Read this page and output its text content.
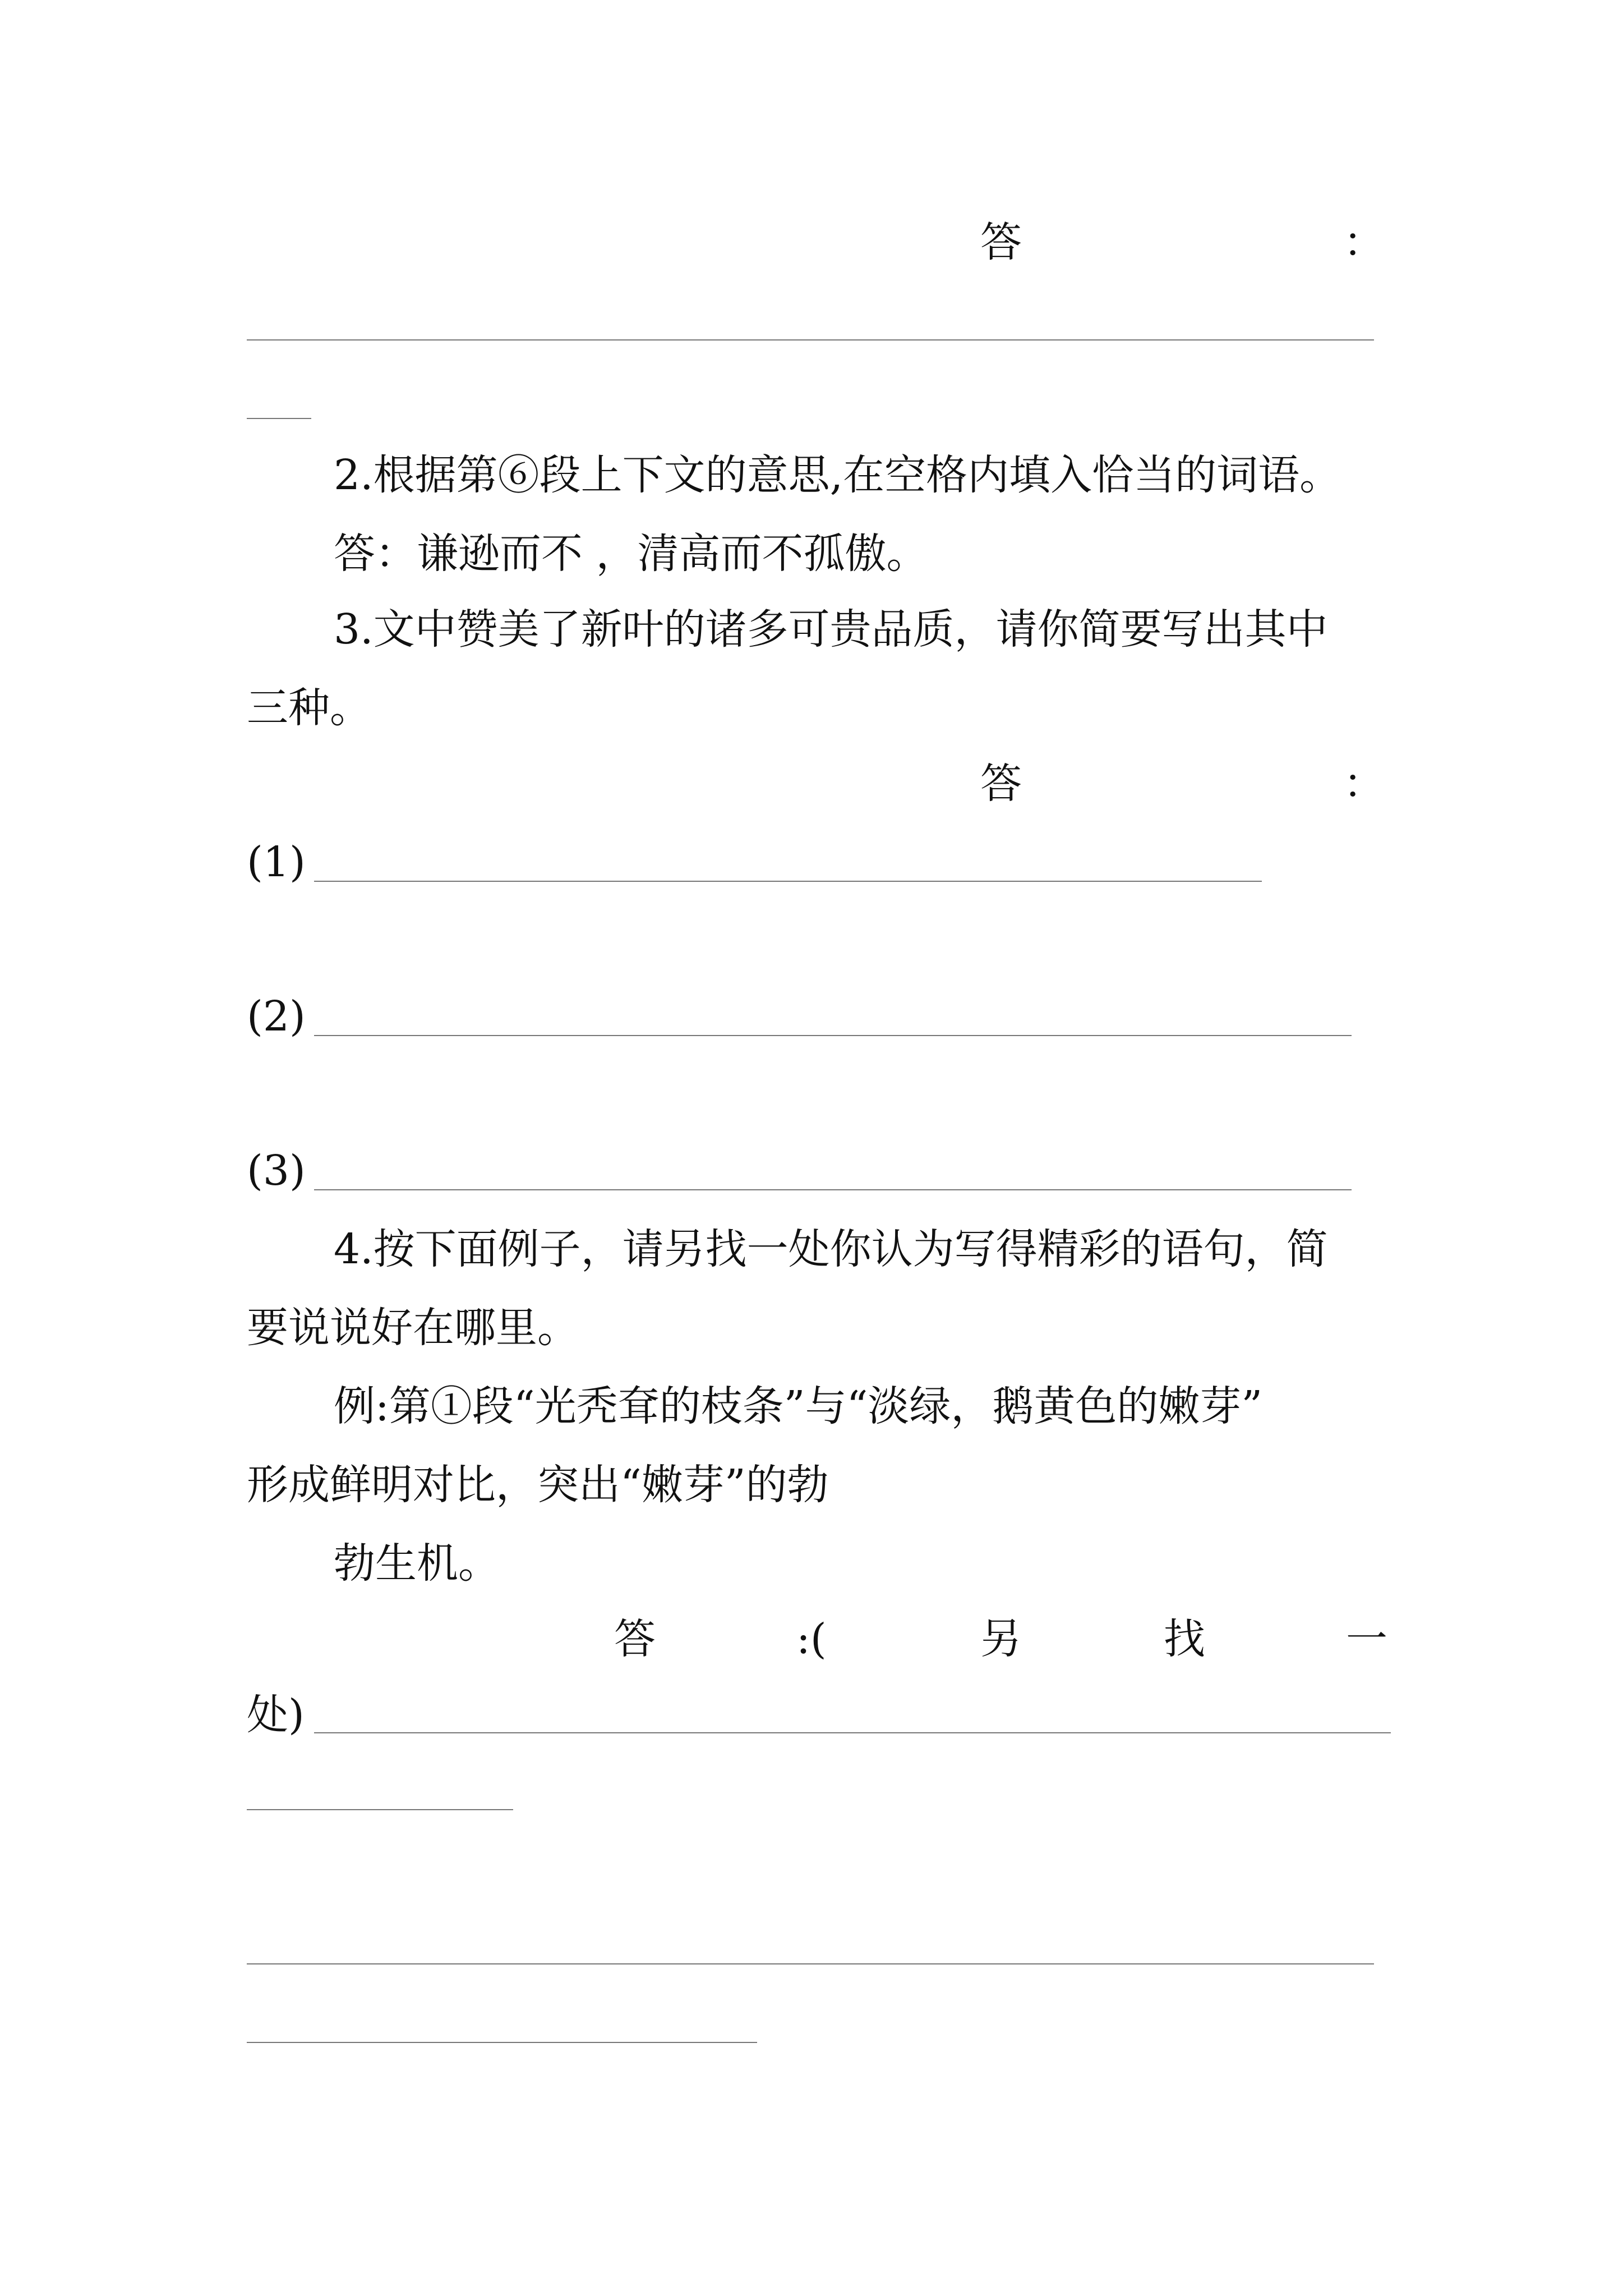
答	：
2.根据第⑥段上下文的意思,在空格内填入恰当的词语。
答：谦逊而不 ，清高而不孤傲。
3.文中赞美了新叶的诸多可贵品质，请你简要写出其中
三种。
答	：
(1)
(2)
(3)
4.按下面例子，请另找一处你认为写得精彩的语句，简
要说说好在哪里。
例:第①段“光秃耷的枝条”与“淡绿，鹅黄色的嫩芽”
形成鲜明对比，突出“嫩芽”的勃
勃生机。
答	:(	另	找	一
处)
